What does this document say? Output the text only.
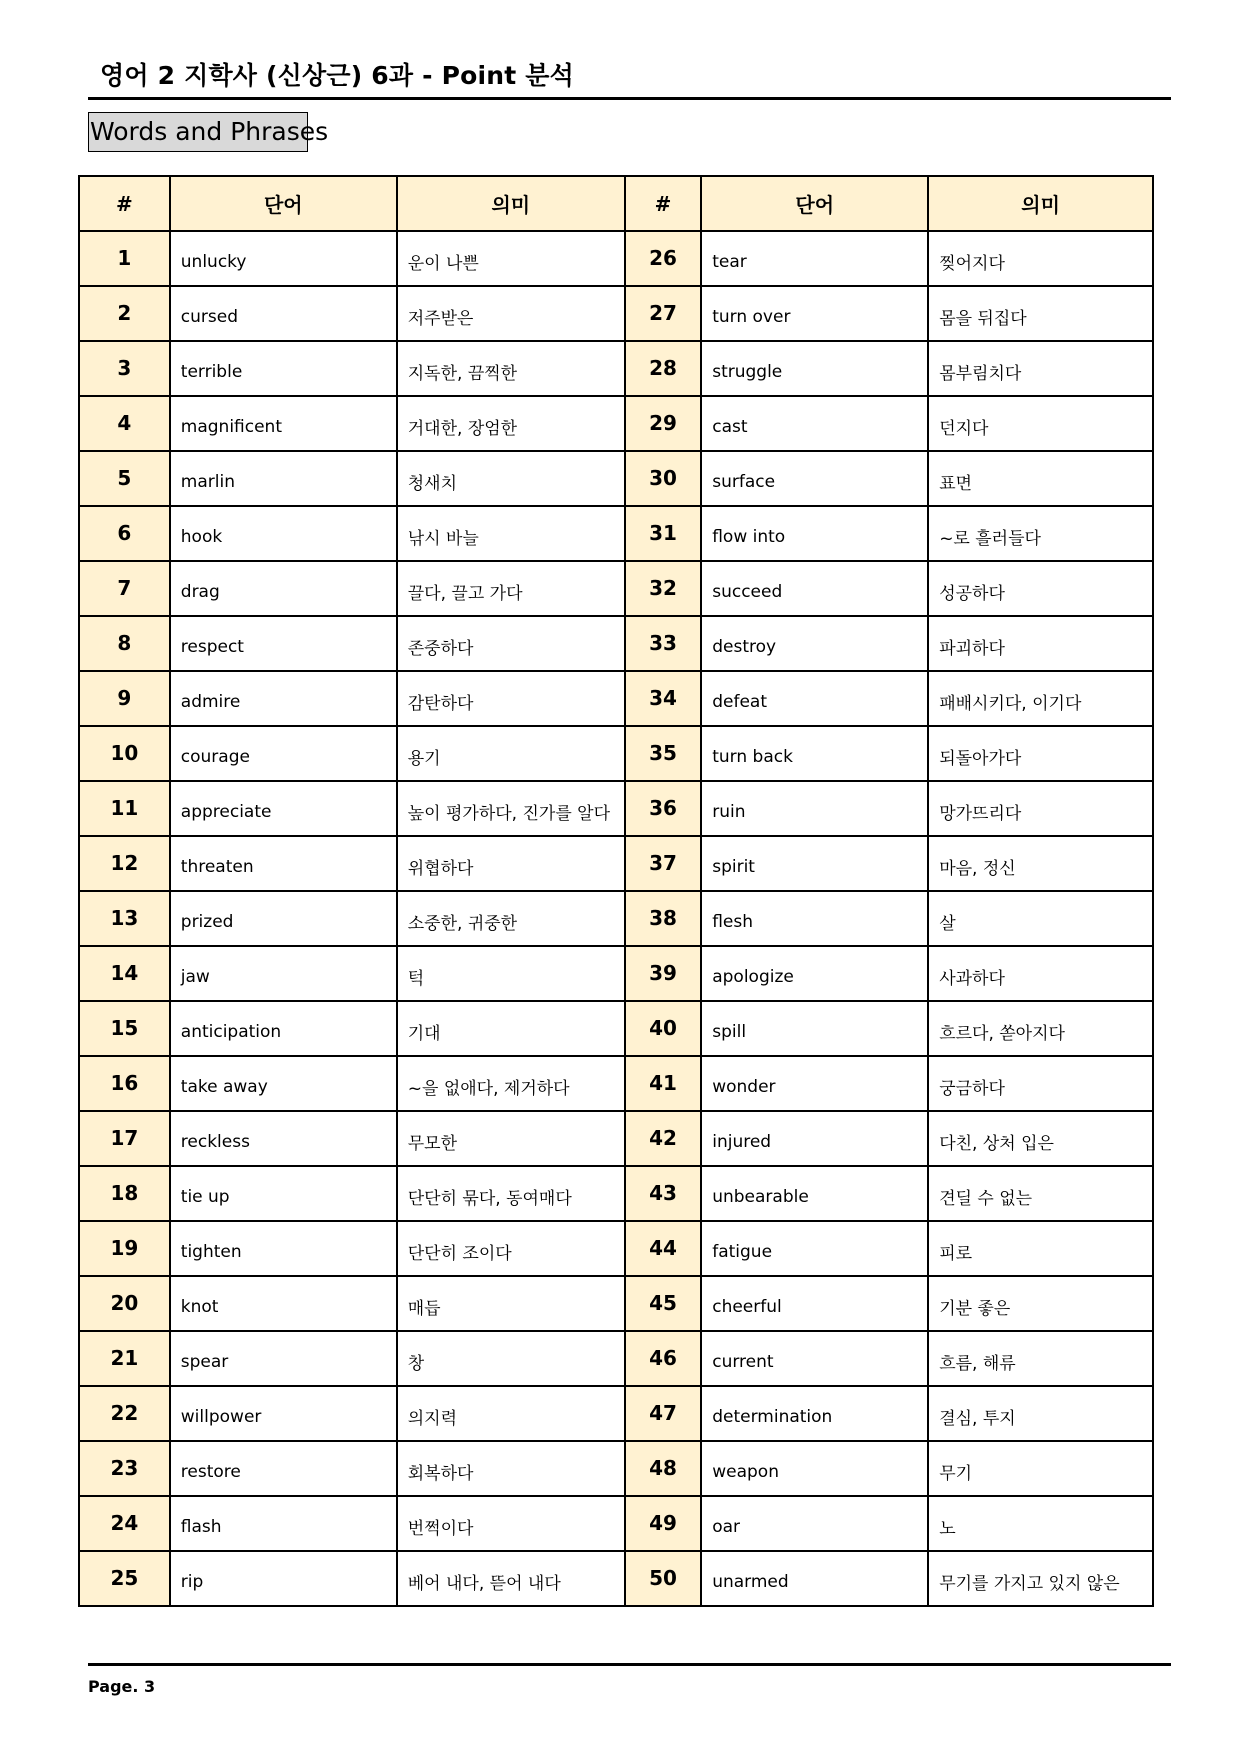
영어 2 지학사 (신상근) 6과 - Point 분석
Words and Phrases
#	단어	의미	#	단어	의미
1	unlucky	운이 나쁜	26	tear	찢어지다
2	cursed	저주받은	27	turn over	몸을 뒤집다
3	terrible	지독한, 끔찍한	28	struggle	몸부림치다
4	magnificent	거대한, 장엄한	29	cast	던지다
5	marlin	청새치	30	surface	표면
6	hook	낚시 바늘	31	flow into	~로 흘러들다
7	drag	끌다, 끌고 가다	32	succeed	성공하다
8	respect	존중하다	33	destroy	파괴하다
9	admire	감탄하다	34	defeat	패배시키다, 이기다
10	courage	용기	35	turn back	되돌아가다
11	appreciate	높이 평가하다, 진가를 알다	36	ruin	망가뜨리다
12	threaten	위협하다	37	spirit	마음, 정신
13	prized	소중한, 귀중한	38	flesh	살
14	jaw	턱	39	apologize	사과하다
15	anticipation	기대	40	spill	흐르다, 쏟아지다
16	take away	~을 없애다, 제거하다	41	wonder	궁금하다
17	reckless	무모한	42	injured	다친, 상처 입은
18	tie up	단단히 묶다, 동여매다	43	unbearable	견딜 수 없는
19	tighten	단단히 조이다	44	fatigue	피로
20	knot	매듭	45	cheerful	기분 좋은
21	spear	창	46	current	흐름, 해류
22	willpower	의지력	47	determination	결심, 투지
23	restore	회복하다	48	weapon	무기
24	flash	번쩍이다	49	oar	노
25	rip	베어 내다, 뜯어 내다	50	unarmed	무기를 가지고 있지 않은
Page. 3
